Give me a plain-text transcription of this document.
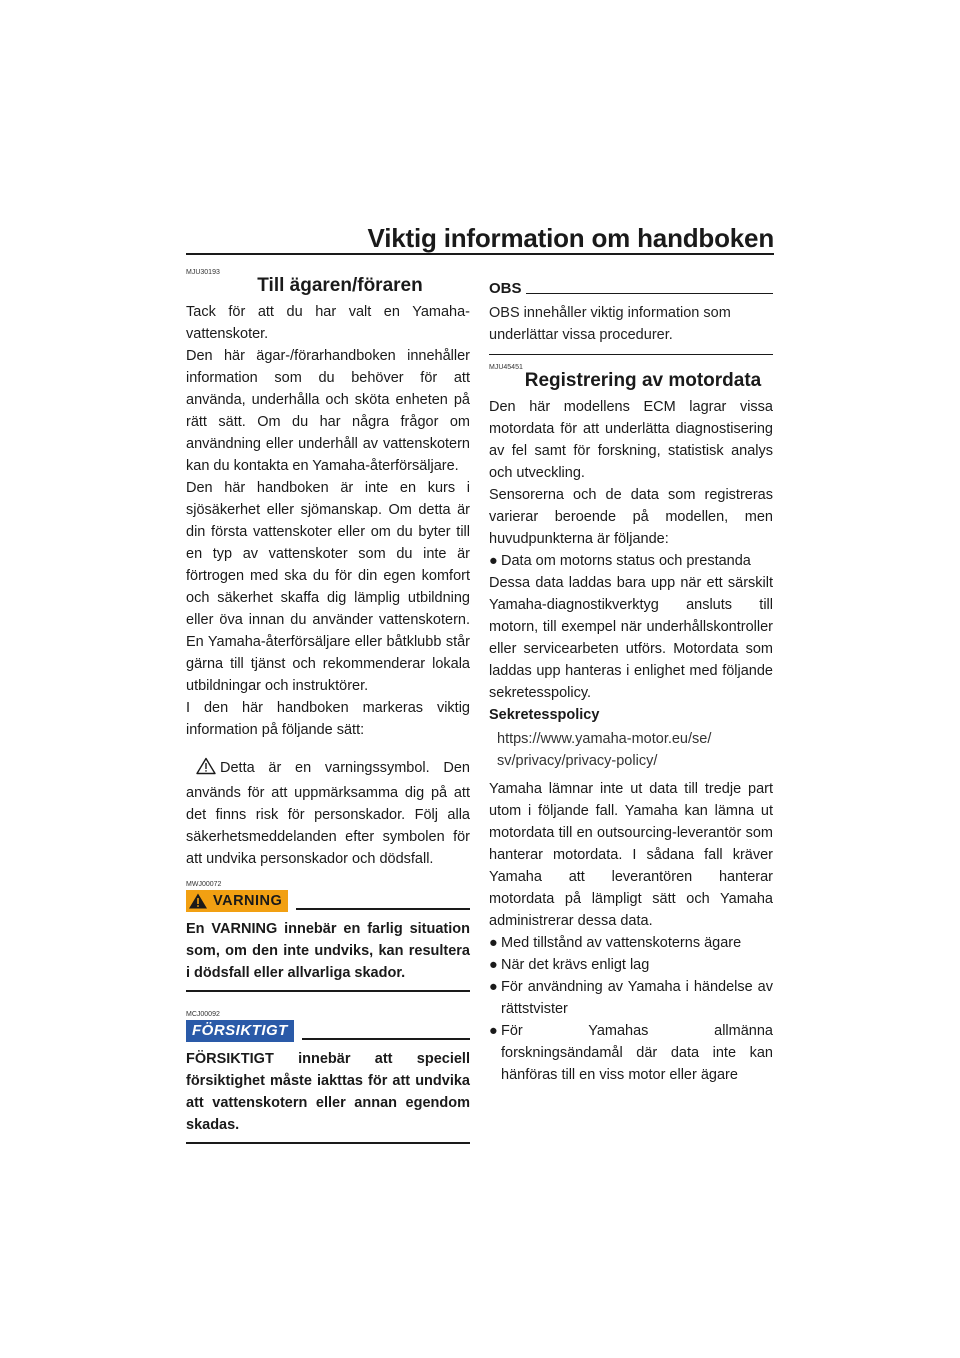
Viktig information om handboken
MJU30193
Till ägaren/föraren

Tack för att du har valt en Yamaha-vattenskoter.

Den här ägar-/förarhandboken innehåller information som du behöver för att använda, underhålla och sköta enheten på rätt sätt. Om du har några frågor om användning eller underhåll av vattenskotern kan du kontakta en Yamaha-återförsäljare.

Den här handboken är inte en kurs i sjösäkerhet eller sjömanskap. Om detta är din första vattenskoter eller om du byter till en typ av vattenskoter som du inte är förtrogen med ska du för din egen komfort och säkerhet skaffa dig lämplig utbildning eller öva innan du använder vattenskotern. En Yamaha-återförsäljare eller båtklubb står gärna till tjänst och rekommenderar lokala utbildningar och instruktörer.

I den här handboken markeras viktig information på följande sätt:

Detta är en varningssymbol. Den används för att uppmärksamma dig på att det finns risk för personskador. Följ alla säkerhetsmeddelanden efter symbolen för att undvika personskador och dödsfall.

MWJ00072
VARNING

En VARNING innebär en farlig situation som, om den inte undviks, kan resultera i dödsfall eller allvarliga skador.

MCJ00092
FÖRSIKTIGT

FÖRSIKTIGT innebär att speciell försiktighet måste iakttas för att undvika att vattenskotern eller annan egendom skadas.

OBS

OBS innehåller viktig information som underlättar vissa procedurer.

MJU45451
Registrering av motordata

Den här modellens ECM lagrar vissa motordata för att underlätta diagnostisering av fel samt för forskning, statistisk analys och utveckling.

Sensorerna och de data som registreras varierar beroende på modellen, men huvudpunkterna är följande:

● Data om motorns status och prestanda

Dessa data laddas bara upp när ett särskilt Yamaha-diagnostikverktyg ansluts till motorn, till exempel när underhållskontroller eller servicearbeten utförs. Motordata som laddas upp hanteras i enlighet med följande sekretesspolicy.

Sekretesspolicy

https://www.yamaha-motor.eu/se/
sv/privacy/privacy-policy/

Yamaha lämnar inte ut data till tredje part utom i följande fall. Yamaha kan lämna ut motordata till en outsourcing-leverantör som hanterar motordata. I sådana fall kräver Yamaha att leverantören hanterar motordata på lämpligt sätt och Yamaha administrerar dessa data.

● Med tillstånd av vattenskoterns ägare
● När det krävs enligt lag
● För användning av Yamaha i händelse av rättstvister
● För Yamahas allmänna forskningsändamål där data inte kan hänföras till en viss motor eller ägare
